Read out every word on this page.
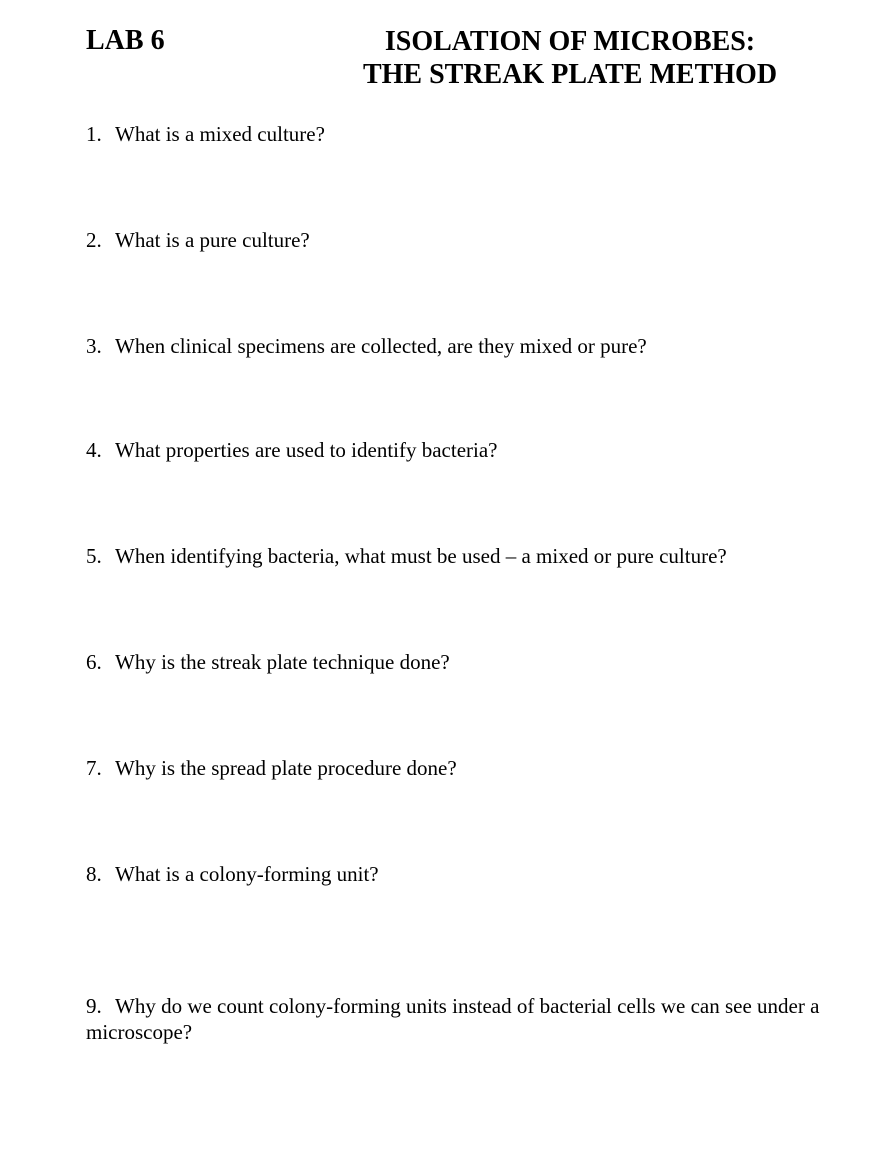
LAB 6	ISOLATION OF MICROBES:
THE STREAK PLATE METHOD
1. What is a mixed culture?
2. What is a pure culture?
3. When clinical specimens are collected, are they mixed or pure?
4. What properties are used to identify bacteria?
5. When identifying bacteria, what must be used – a mixed or pure culture?
6. Why is the streak plate technique done?
7. Why is the spread plate procedure done?
8. What is a colony-forming unit?
9. Why do we count colony-forming units instead of bacterial cells we can see under a
microscope?
